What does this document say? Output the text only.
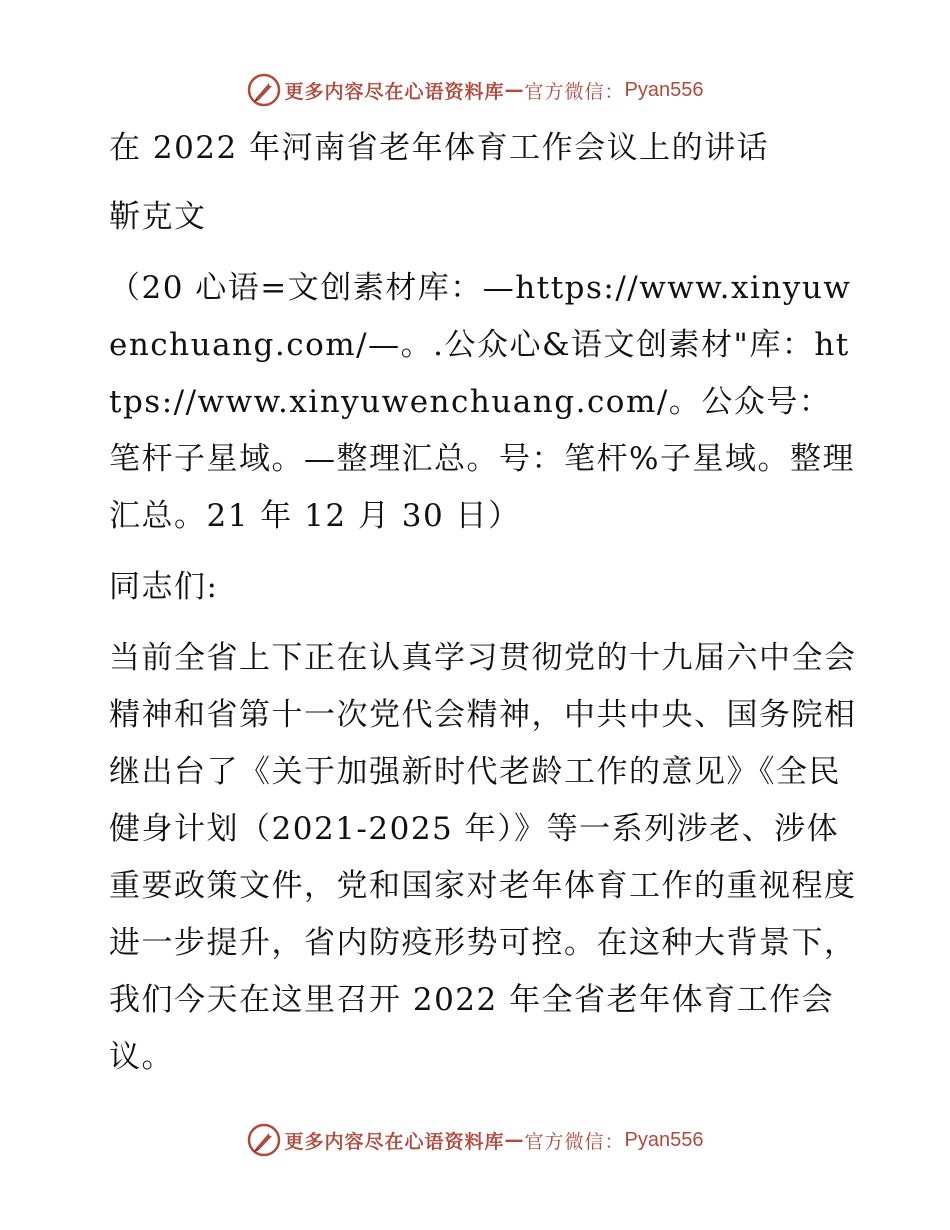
更多内容尽在心语资料库 — 官方微信： Pyan556

在 2022 年河南省老年体育工作会议上的讲话

靳克文

（20 心语=文创素材库：—https://www.xinyuwenchuang.com/—。.公众心&语文创素材"库：https://www.xinyuwenchuang.com/。公众号：笔杆子星域。—整理汇总。号：笔杆%子星域。整理汇总。21 年 12 月 30 日）

同志们:

当前全省上下正在认真学习贯彻党的十九届六中全会精神和省第十一次党代会精神，中共中央、国务院相继出台了《关于加强新时代老龄工作的意见》《全民健身计划（2021-2025 年）》等一系列涉老、涉体重要政策文件，党和国家对老年体育工作的重视程度进一步提升，省内防疫形势可控。在这种大背景下，我们今天在这里召开 2022 年全省老年体育工作会议。

更多内容尽在心语资料库 — 官方微信： Pyan556
